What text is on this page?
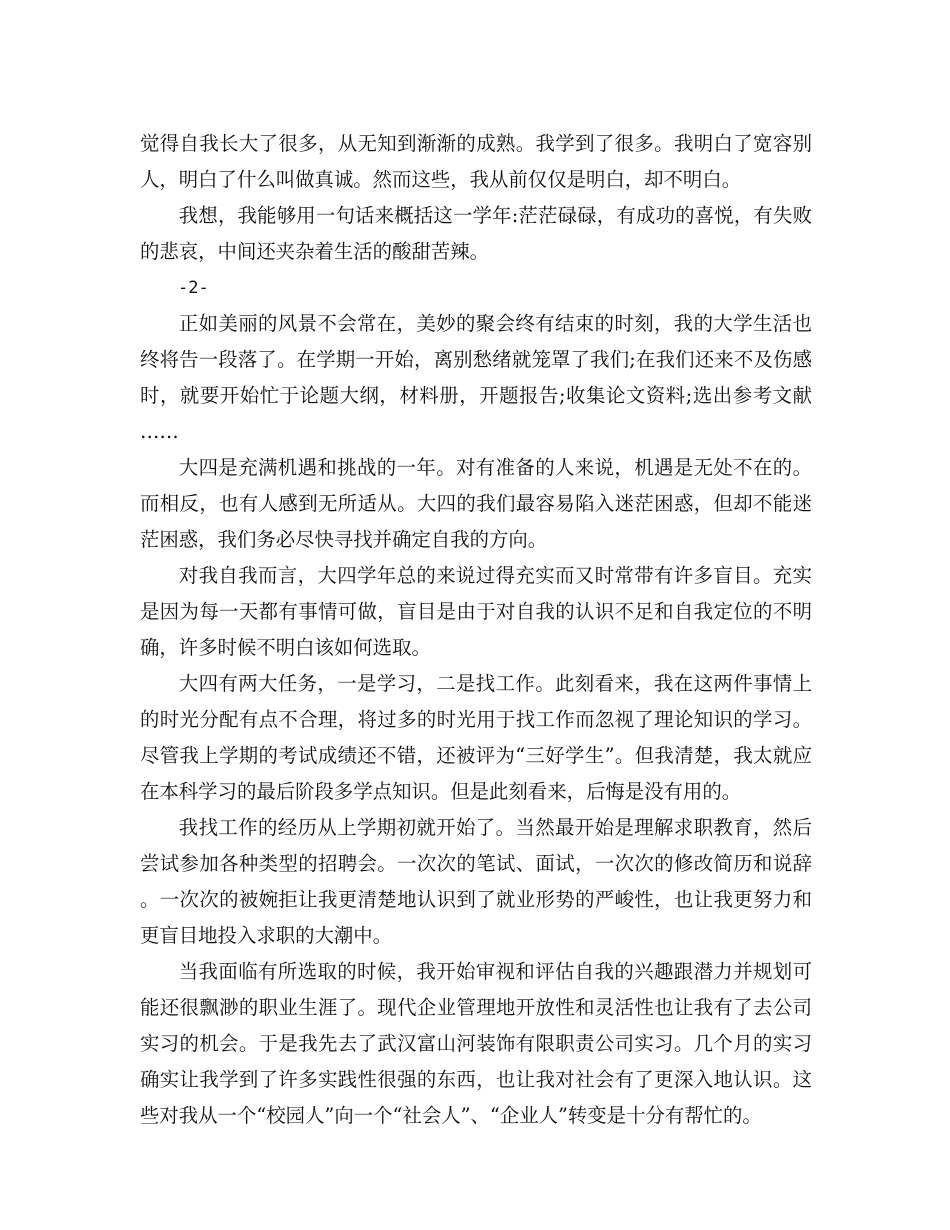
觉得自我长大了很多，从无知到渐渐的成熟。我学到了很多。我明白了宽容别人，明白了什么叫做真诚。然而这些，我从前仅仅是明白，却不明白。

我想，我能够用一句话来概括这一学年:茫茫碌碌，有成功的喜悦，有失败的悲哀，中间还夹杂着生活的酸甜苦辣。

-2-

正如美丽的风景不会常在，美妙的聚会终有结束的时刻，我的大学生活也终将告一段落了。在学期一开始，离别愁绪就笼罩了我们;在我们还来不及伤感时，就要开始忙于论题大纲，材料册，开题报告;收集论文资料;选出参考文献……

大四是充满机遇和挑战的一年。对有准备的人来说，机遇是无处不在的。而相反，也有人感到无所适从。大四的我们最容易陷入迷茫困惑，但却不能迷茫困惑，我们务必尽快寻找并确定自我的方向。

对我自我而言，大四学年总的来说过得充实而又时常带有许多盲目。充实是因为每一天都有事情可做，盲目是由于对自我的认识不足和自我定位的不明确，许多时候不明白该如何选取。

大四有两大任务，一是学习，二是找工作。此刻看来，我在这两件事情上的时光分配有点不合理，将过多的时光用于找工作而忽视了理论知识的学习。尽管我上学期的考试成绩还不错，还被评为“三好学生”。但我清楚，我太就应在本科学习的最后阶段多学点知识。但是此刻看来，后悔是没有用的。

我找工作的经历从上学期初就开始了。当然最开始是理解求职教育，然后尝试参加各种类型的招聘会。一次次的笔试、面试，一次次的修改简历和说辞。一次次的被婉拒让我更清楚地认识到了就业形势的严峻性，也让我更努力和更盲目地投入求职的大潮中。

当我面临有所选取的时候，我开始审视和评估自我的兴趣跟潜力并规划可能还很飘渺的职业生涯了。现代企业管理地开放性和灵活性也让我有了去公司实习的机会。于是我先去了武汉富山河装饰有限职责公司实习。几个月的实习确实让我学到了许多实践性很强的东西，也让我对社会有了更深入地认识。这些对我从一个“校园人”向一个“社会人”、“企业人”转变是十分有帮忙的。
